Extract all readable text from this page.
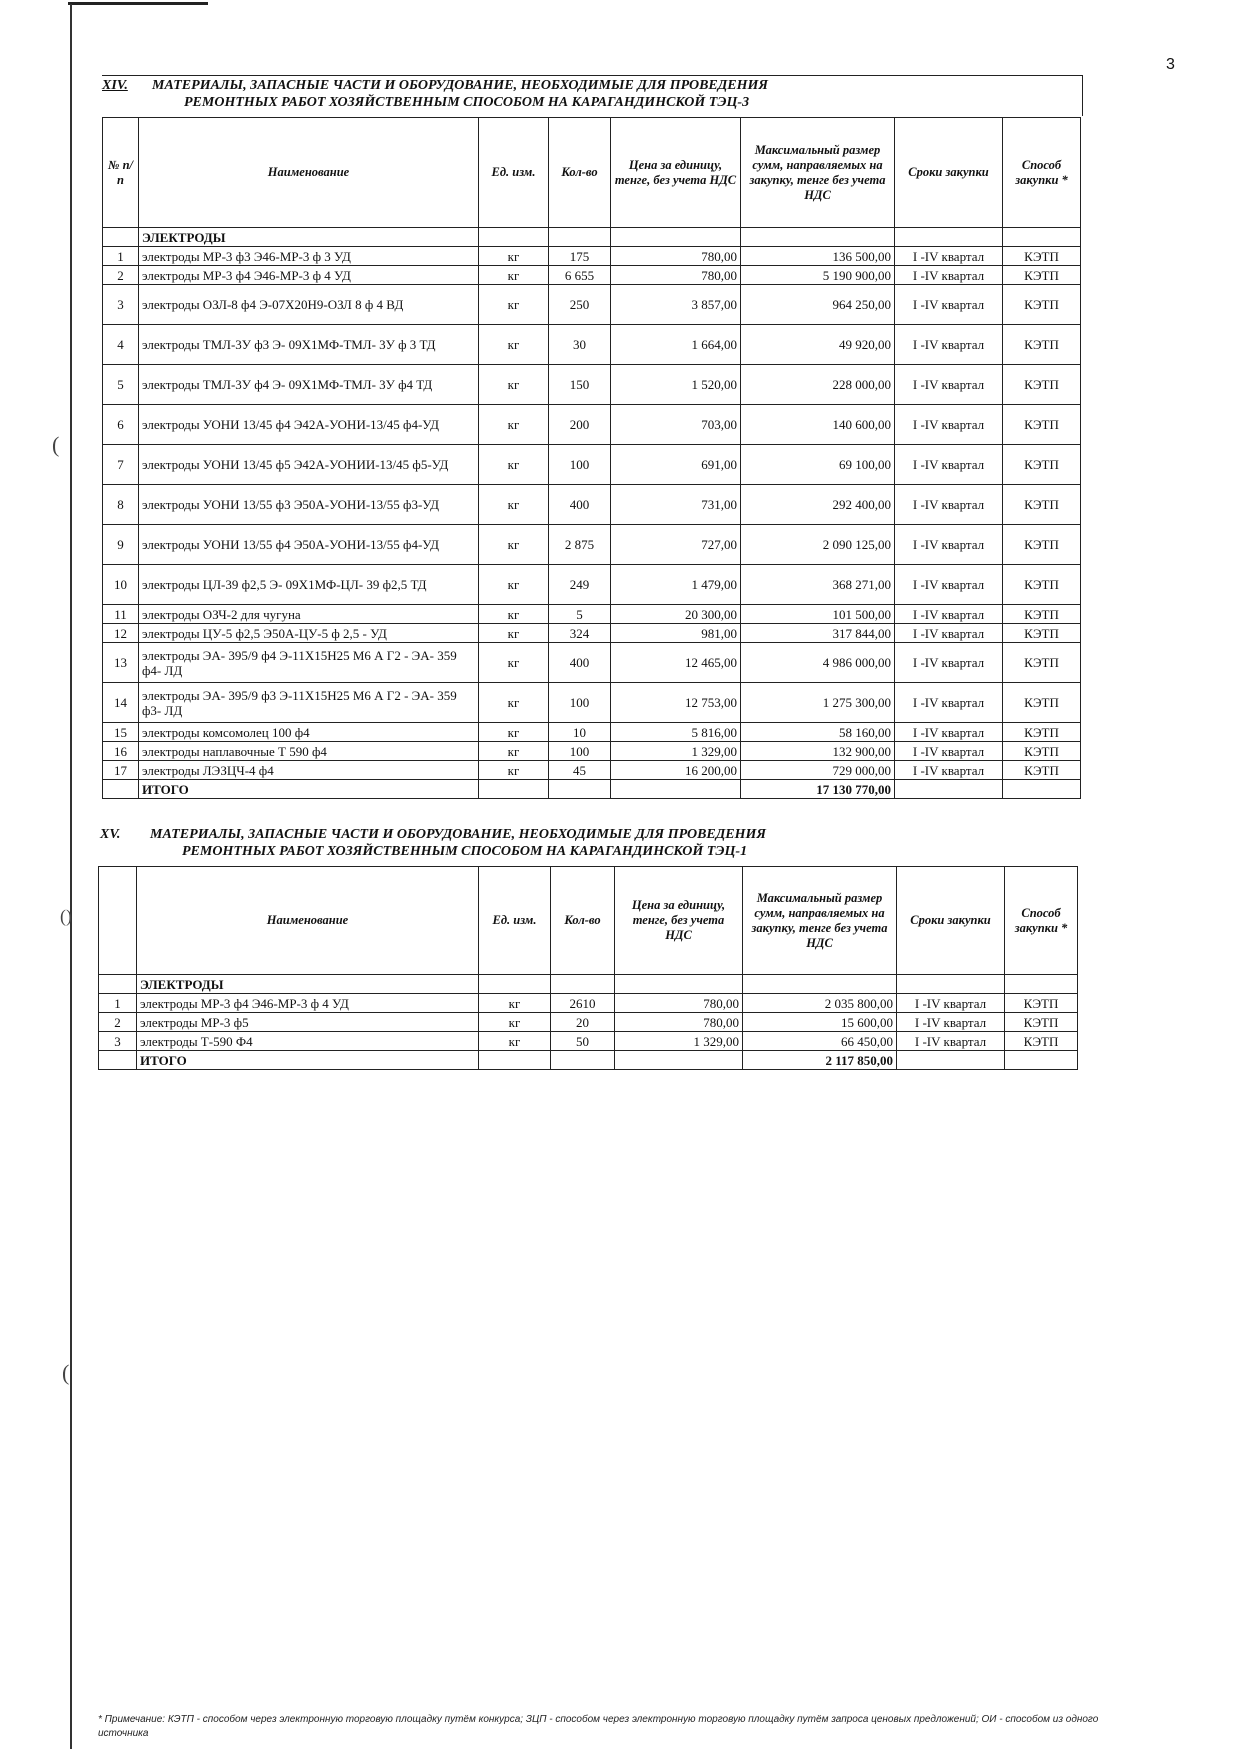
(
()
(
3
XIV. МАТЕРИАЛЫ, ЗАПАСНЫЕ ЧАСТИ И ОБОРУДОВАНИЕ, НЕОБХОДИМЫЕ ДЛЯ ПРОВЕДЕНИЯ
РЕМОНТНЫХ РАБОТ ХОЗЯЙСТВЕННЫМ СПОСОБОМ НА КАРАГАНДИНСКОЙ ТЭЦ-3
№ п/п	Наименование	Ед. изм.	Кол-во	Цена за единицу, тенге, без учета НДС	Максимальный размер сумм, направляемых на закупку, тенге без учета НДС	Сроки закупки	Способ закупки *
	ЭЛЕКТРОДЫ						
1	электроды МР-3 ф3 Э46-МР-3 ф 3 УД	кг	175	780,00	136 500,00	I -IV квартал	КЭТП
2	электроды МР-3 ф4 Э46-МР-3 ф 4 УД	кг	6 655	780,00	5 190 900,00	I -IV квартал	КЭТП
3	электроды ОЗЛ-8 ф4 Э-07Х20Н9-ОЗЛ 8 ф 4 ВД	кг	250	3 857,00	964 250,00	I -IV квартал	КЭТП
4	электроды ТМЛ-3У ф3 Э- 09Х1МФ-ТМЛ- 3У ф 3 ТД	кг	30	1 664,00	49 920,00	I -IV квартал	КЭТП
5	электроды ТМЛ-3У ф4 Э- 09Х1МФ-ТМЛ- 3У ф4 ТД	кг	150	1 520,00	228 000,00	I -IV квартал	КЭТП
6	электроды УОНИ 13/45 ф4 Э42А-УОНИ-13/45 ф4-УД	кг	200	703,00	140 600,00	I -IV квартал	КЭТП
7	электроды УОНИ 13/45 ф5 Э42А-УОНИИ-13/45 ф5-УД	кг	100	691,00	69 100,00	I -IV квартал	КЭТП
8	электроды УОНИ 13/55 ф3 Э50А-УОНИ-13/55 ф3-УД	кг	400	731,00	292 400,00	I -IV квартал	КЭТП
9	электроды УОНИ 13/55 ф4 Э50А-УОНИ-13/55 ф4-УД	кг	2 875	727,00	2 090 125,00	I -IV квартал	КЭТП
10	электроды ЦЛ-39 ф2,5 Э- 09Х1МФ-ЦЛ- 39 ф2,5 ТД	кг	249	1 479,00	368 271,00	I -IV квартал	КЭТП
11	электроды ОЗЧ-2 для чугуна	кг	5	20 300,00	101 500,00	I -IV квартал	КЭТП
12	электроды ЦУ-5 ф2,5 Э50А-ЦУ-5 ф 2,5 - УД	кг	324	981,00	317 844,00	I -IV квартал	КЭТП
13	электроды ЭА- 395/9 ф4 Э-11Х15Н25 М6 А Г2 - ЭА- 359 ф4- ЛД	кг	400	12 465,00	4 986 000,00	I -IV квартал	КЭТП
14	электроды ЭА- 395/9 ф3 Э-11Х15Н25 М6 А Г2 - ЭА- 359 ф3- ЛД	кг	100	12 753,00	1 275 300,00	I -IV квартал	КЭТП
15	электроды комсомолец 100 ф4	кг	10	5 816,00	58 160,00	I -IV квартал	КЭТП
16	электроды наплавочные Т 590 ф4	кг	100	1 329,00	132 900,00	I -IV квартал	КЭТП
17	электроды ЛЭЗЦЧ-4 ф4	кг	45	16 200,00	729 000,00	I -IV квартал	КЭТП
	ИТОГО				17 130 770,00		
XV. МАТЕРИАЛЫ, ЗАПАСНЫЕ ЧАСТИ И ОБОРУДОВАНИЕ, НЕОБХОДИМЫЕ ДЛЯ ПРОВЕДЕНИЯ
РЕМОНТНЫХ РАБОТ ХОЗЯЙСТВЕННЫМ СПОСОБОМ НА КАРАГАНДИНСКОЙ ТЭЦ-1
	Наименование	Ед. изм.	Кол-во	Цена за единицу, тенге, без учета НДС	Максимальный размер сумм, направляемых на закупку, тенге без учета НДС	Сроки закупки	Способ закупки *
	ЭЛЕКТРОДЫ						
1	электроды МР-3 ф4 Э46-МР-3 ф 4 УД	кг	2610	780,00	2 035 800,00	I -IV квартал	КЭТП
2	электроды МР-3 ф5	кг	20	780,00	15 600,00	I -IV квартал	КЭТП
3	электроды Т-590 Ф4	кг	50	1 329,00	66 450,00	I -IV квартал	КЭТП
	ИТОГО				2 117 850,00		
* Примечание: КЭТП - способом через электронную торговую площадку путём конкурса; ЗЦП - способом через электронную торговую площадку путём запроса ценовых предложений; ОИ - способом из одного источника
